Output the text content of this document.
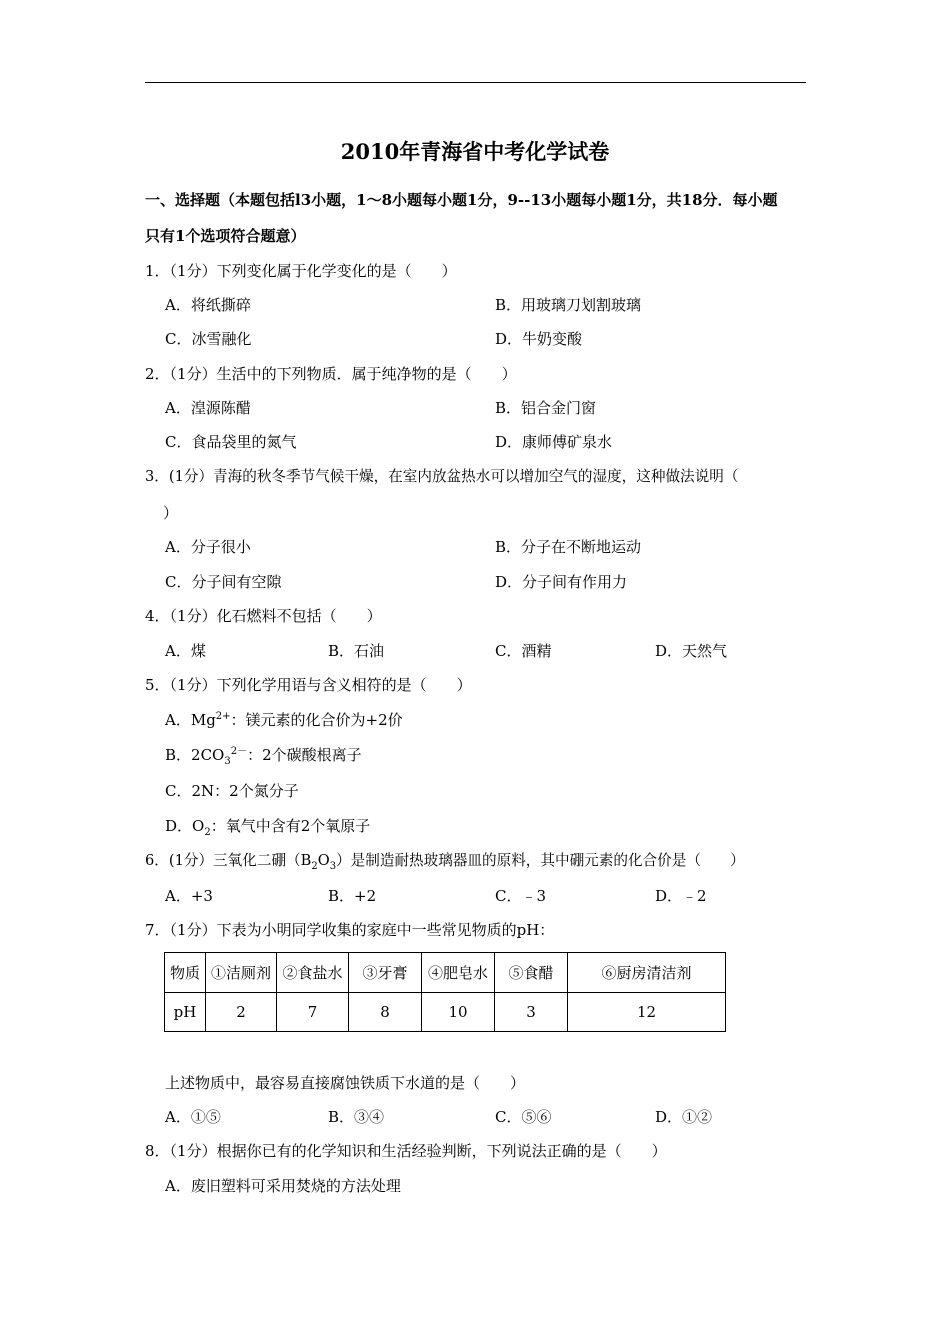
2010年青海省中考化学试卷
一、选择题（本题包括l3小题，1～8小题每小题1分，9--13小题每小题1分，共18分．每小题
只有1个选项符合题意）
1．（1分）下列变化属于化学变化的是（　　）
A．将纸撕碎	B．用玻璃刀划割玻璃
C．冰雪融化	D．牛奶变酸
2．（1分）生活中的下列物质．属于纯净物的是（　　）
A．湟源陈醋	B．铝合金门窗
C．食品袋里的氮气	D．康师傅矿泉水
3．(1分）青海的秋冬季节气候干燥，在室内放盆热水可以增加空气的湿度，这种做法说明（
）
A．分子很小	B．分子在不断地运动
C．分子间有空隙	D．分子间有作用力
4．（1分）化石燃料不包括（　　）
A．煤	B．石油	C．酒精	D．天然气
5．（1分）下列化学用语与含义相符的是（　　）
A．$Mg^{2+}$：镁元素的化合价为+2价
B．$2CO_3^{2-}$：2个碳酸根离子
C．2N：2个氮分子
D．$O_2$：氧气中含有2个氧原子
6．(1分）三氧化二硼$(B_2O_3)$是制造耐热玻璃器皿的原料，其中硼元素的化合价是（　　）
A．+3	B．+2	C．﹣3	D．﹣2
7．（1分）下表为小明同学收集的家庭中一些常见物质的pH：
物质	①洁厕剂	②食盐水	③牙膏	④肥皂水	⑤食醋	⑥厨房清洁剂
pH	2	7	8	10	3	12
上述物质中，最容易直接腐蚀铁质下水道的是（　　）
A．①⑤	B．③④	C．⑤⑥	D．①②
8．（1分）根据你已有的化学知识和生活经验判断，下列说法正确的是（　　）
A．废旧塑料可采用焚烧的方法处理
